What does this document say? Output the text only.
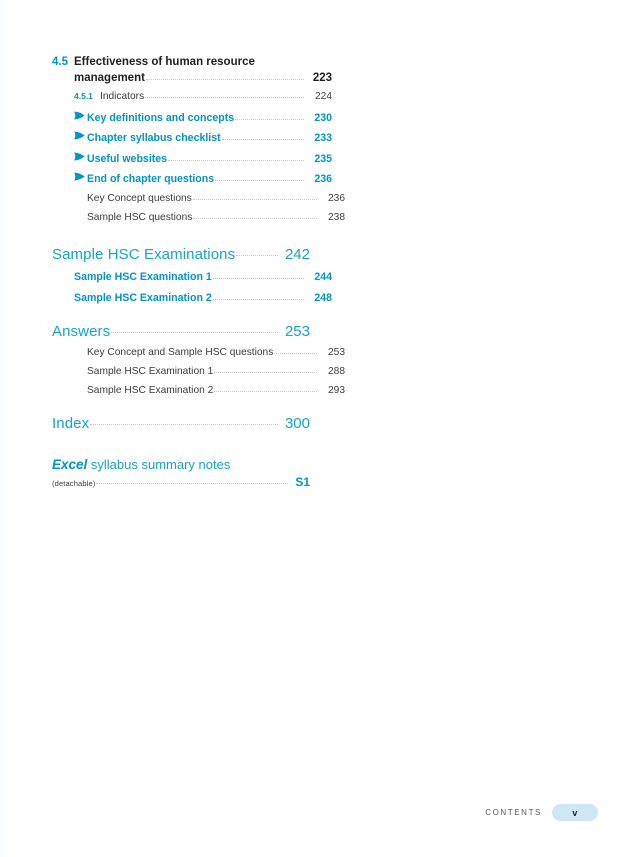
4.5 Effectiveness of human resource
management	223
4.5.1 Indicators	224
Key definitions and concepts	230
Chapter syllabus checklist	233
Useful websites	235
End of chapter questions	236
Key Concept questions	236
Sample HSC questions	238
Sample HSC Examinations	242
Sample HSC Examination 1	244
Sample HSC Examination 2	248
Answers	253
Key Concept and Sample HSC questions	253
Sample HSC Examination 1	288
Sample HSC Examination 2	293
Index	300
Excel syllabus summary notes
(detachable)	S1
CONTENTS	v
